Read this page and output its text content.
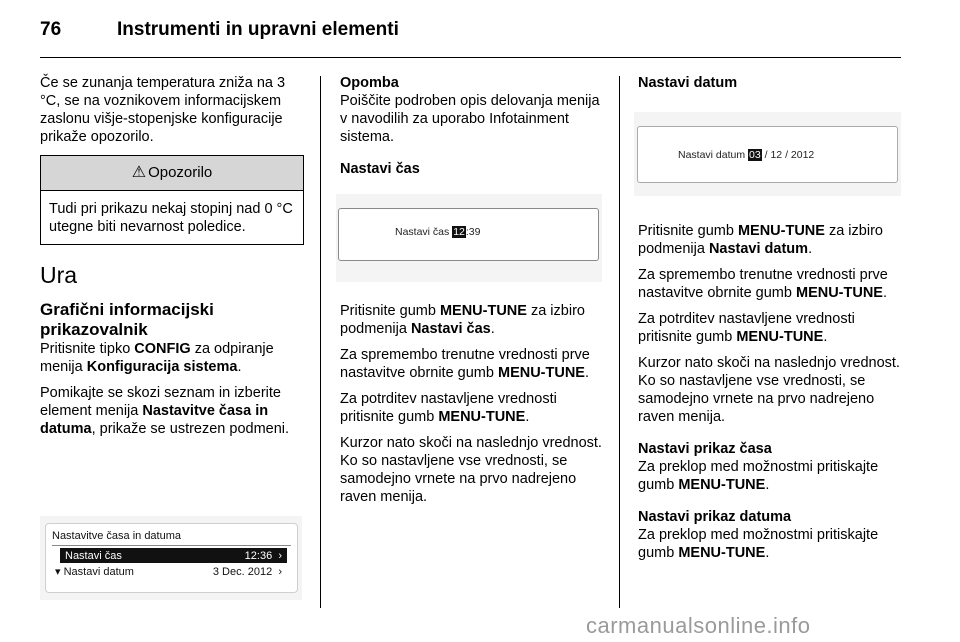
76	Instrumenti in upravni elementi

Če se zunanja temperatura zniža na 3 °C, se na voznikovem informacijskem zaslonu višje-stopenjske konfiguracije prikaže opozorilo.

⚠ Opozorilo
Tudi pri prikazu nekaj stopinj nad 0 °C utegne biti nevarnost poledice.
Ura
Grafični informacijski prikazovalnik

Pritisnite tipko CONFIG za odpiranje menija Konfiguracija sistema.

Pomikajte se skozi seznam in izberite element menija Nastavitve časa in datuma, prikaže se ustrezen podmeni.

Nastavitve časa in datuma
Nastavi čas	12:36 ›
▾ Nastavi datum	3 Dec. 2012 ›
Opomba

Poiščite podroben opis delovanja menija v navodilih za uporabo Infotainment sistema.

Nastavi čas
Nastavi čas 12:39

Pritisnite gumb MENU-TUNE za izbiro podmenija Nastavi čas.

Za spremembo trenutne vrednosti prve nastavitve obrnite gumb MENU-TUNE.

Za potrditev nastavljene vrednosti pritisnite gumb MENU-TUNE.

Kurzor nato skoči na naslednjo vrednost. Ko so nastavljene vse vrednosti, se samodejno vrnete na prvo nadrejeno raven menija.

Nastavi datum
Nastavi datum 03 / 12 / 2012

Pritisnite gumb MENU-TUNE za izbiro podmenija Nastavi datum.

Za spremembo trenutne vrednosti prve nastavitve obrnite gumb MENU-TUNE.

Za potrditev nastavljene vrednosti pritisnite gumb MENU-TUNE.

Kurzor nato skoči na naslednjo vrednost. Ko so nastavljene vse vrednosti, se samodejno vrnete na prvo nadrejeno raven menija.

Nastavi prikaz časa

Za preklop med možnostmi pritiskajte gumb MENU-TUNE.

Nastavi prikaz datuma

Za preklop med možnostmi pritiskajte gumb MENU-TUNE.

carmanualsonline.info
